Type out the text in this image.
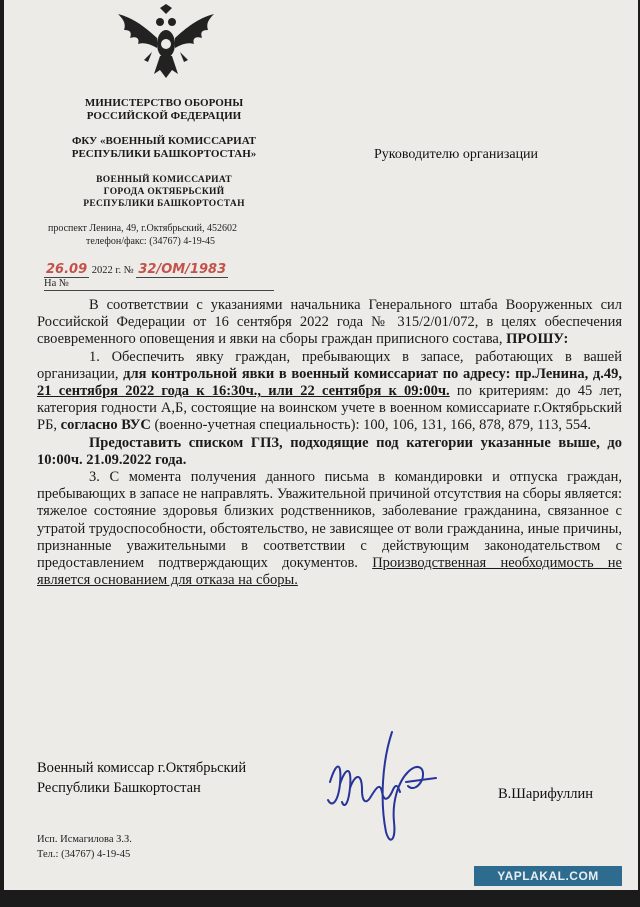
МИНИСТЕРСТВО ОБОРОНЫ
РОССИЙСКОЙ ФЕДЕРАЦИИ
ФКУ «ВОЕННЫЙ КОМИССАРИАТ
РЕСПУБЛИКИ БАШКОРТОСТАН»
ВОЕННЫЙ КОМИССАРИАТ
ГОРОДА ОКТЯБРЬСКИЙ
РЕСПУБЛИКИ БАШКОРТОСТАН
проспект Ленина, 49, г.Октябрьский, 452602
телефон/факс: (34767) 4-19-45
Руководителю организации
26.09 2022 г. № 32/ОМ/1983
На №

В соответствии с указаниями начальника Генерального штаба Вооруженных сил Российской Федерации от 16 сентября 2022 года № 315/2/01/072, в целях обеспечения своевременного оповещения и явки на сборы граждан приписного состава, ПРОШУ:

1. Обеспечить явку граждан, пребывающих в запасе, работающих в вашей организации, для контрольной явки в военный комиссариат по адресу: пр.Ленина, д.49, 21 сентября 2022 года к 16:30ч., или 22 сентября к 09:00ч. по критериям: до 45 лет, категория годности А,Б, состоящие на воинском учете в военном комиссариате г.Октябрьский РБ, согласно ВУС (военно-учетная специальность): 100, 106, 131, 166, 878, 879, 113, 554.

Предоставить списком ГПЗ, подходящие под категории указанные выше, до 10:00ч. 21.09.2022 года.

3. С момента получения данного письма в командировки и отпуска граждан, пребывающих в запасе не направлять. Уважительной причиной отсутствия на сборы является: тяжелое состояние здоровья близких родственников, заболевание гражданина, связанное с утратой трудоспособности, обстоятельство, не зависящее от воли гражданина, иные причины, признанные уважительными в соответствии с действующим законодательством с предоставлением подтверждающих документов. Производственная необходимость не является основанием для отказа на сборы.

Военный комиссар г.Октябрьский
Республики Башкортостан	В.Шарифуллин
Исп. Исмагилова З.З.
Тел.: (34767) 4-19-45
YAPLAKAL.COM
